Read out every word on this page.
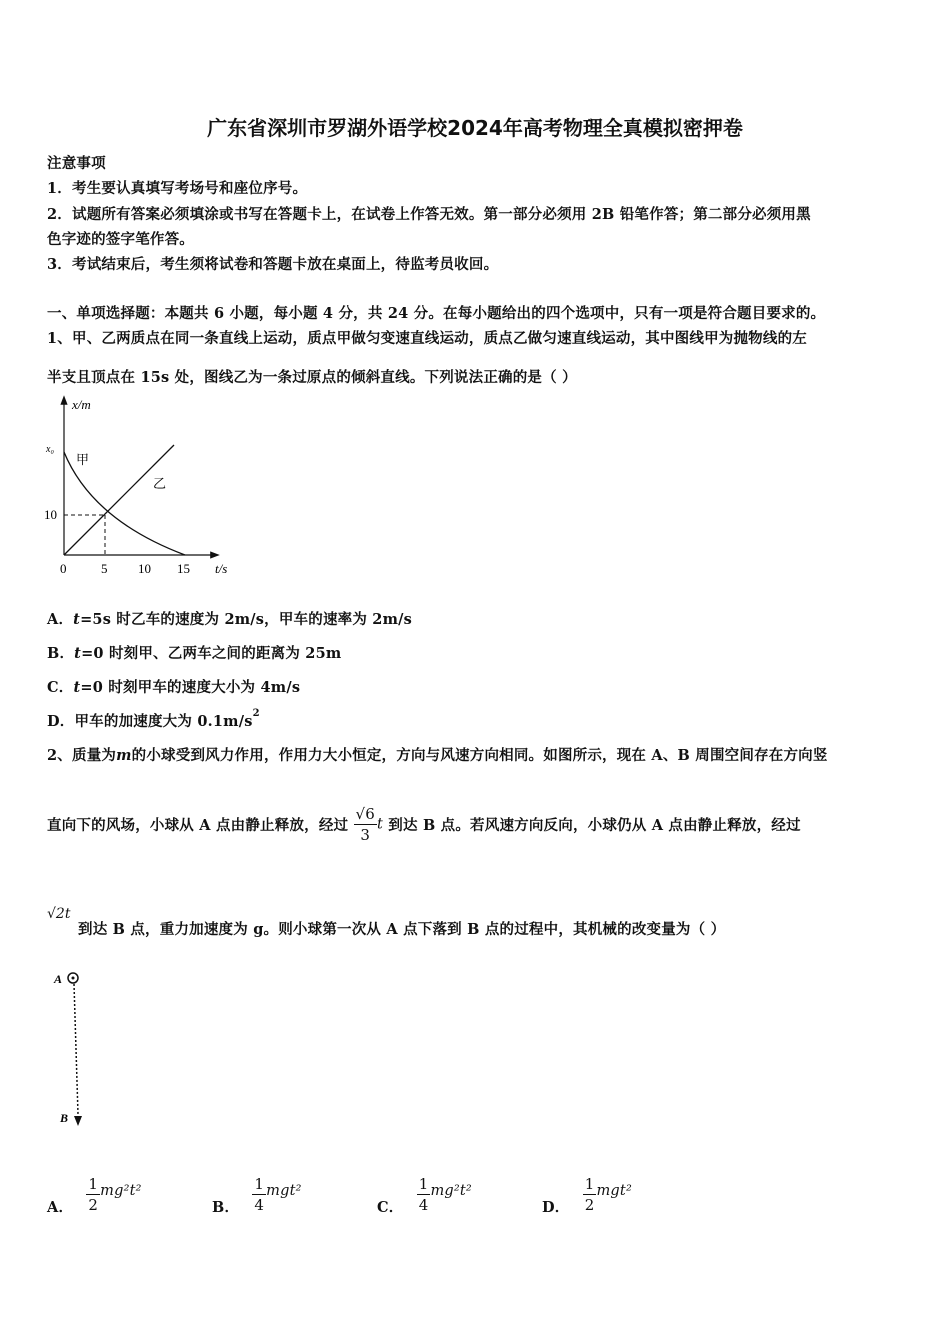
广东省深圳市罗湖外语学校2024年高考物理全真模拟密押卷
注意事项
1．考生要认真填写考场号和座位序号。
2．试题所有答案必须填涂或书写在答题卡上，在试卷上作答无效。第一部分必须用 2B 铅笔作答；第二部分必须用黑
色字迹的签字笔作答。
3．考试结束后，考生须将试卷和答题卡放在桌面上，待监考员收回。
一、单项选择题：本题共 6 小题，每小题 4 分，共 24 分。在每小题给出的四个选项中，只有一项是符合题目要求的。
1、甲、乙两质点在同一条直线上运动，质点甲做匀变速直线运动，质点乙做匀速直线运动，其中图线甲为抛物线的左
半支且顶点在 15s 处，图线乙为一条过原点的倾斜直线。下列说法正确的是（ ）
x/m
t/s
x₀
10
0	5 10 15
甲
乙
A．t=5s 时乙车的速度为 2m/s，甲车的速率为 2m/s
B．t=0 时刻甲、乙两车之间的距离为 25m
C．t=0 时刻甲车的速度大小为 4m/s
D．甲车的加速度大为 $0.1m/s^2$
2、质量为m的小球受到风力作用，作用力大小恒定，方向与风速方向相同。如图所示，现在 A、B 周围空间存在方向竖
直向下的风场，小球从 A 点由静止释放，经过 $\frac{√6}{3}$ t 到达 B 点。若风速方向反向，小球仍从 A 点由静止释放，经过
√2t
到达 B 点，重力加速度为 g。则小球第一次从 A 点下落到 B 点的过程中，其机械的改变量为（ ）
A
B
A． $\frac{1}{2} mg^2t^2$
B． $\frac{1}{4} mgt^2$
C． $\frac{1}{4} mg^2t^2$
D． $\frac{1}{2} mgt^2$
